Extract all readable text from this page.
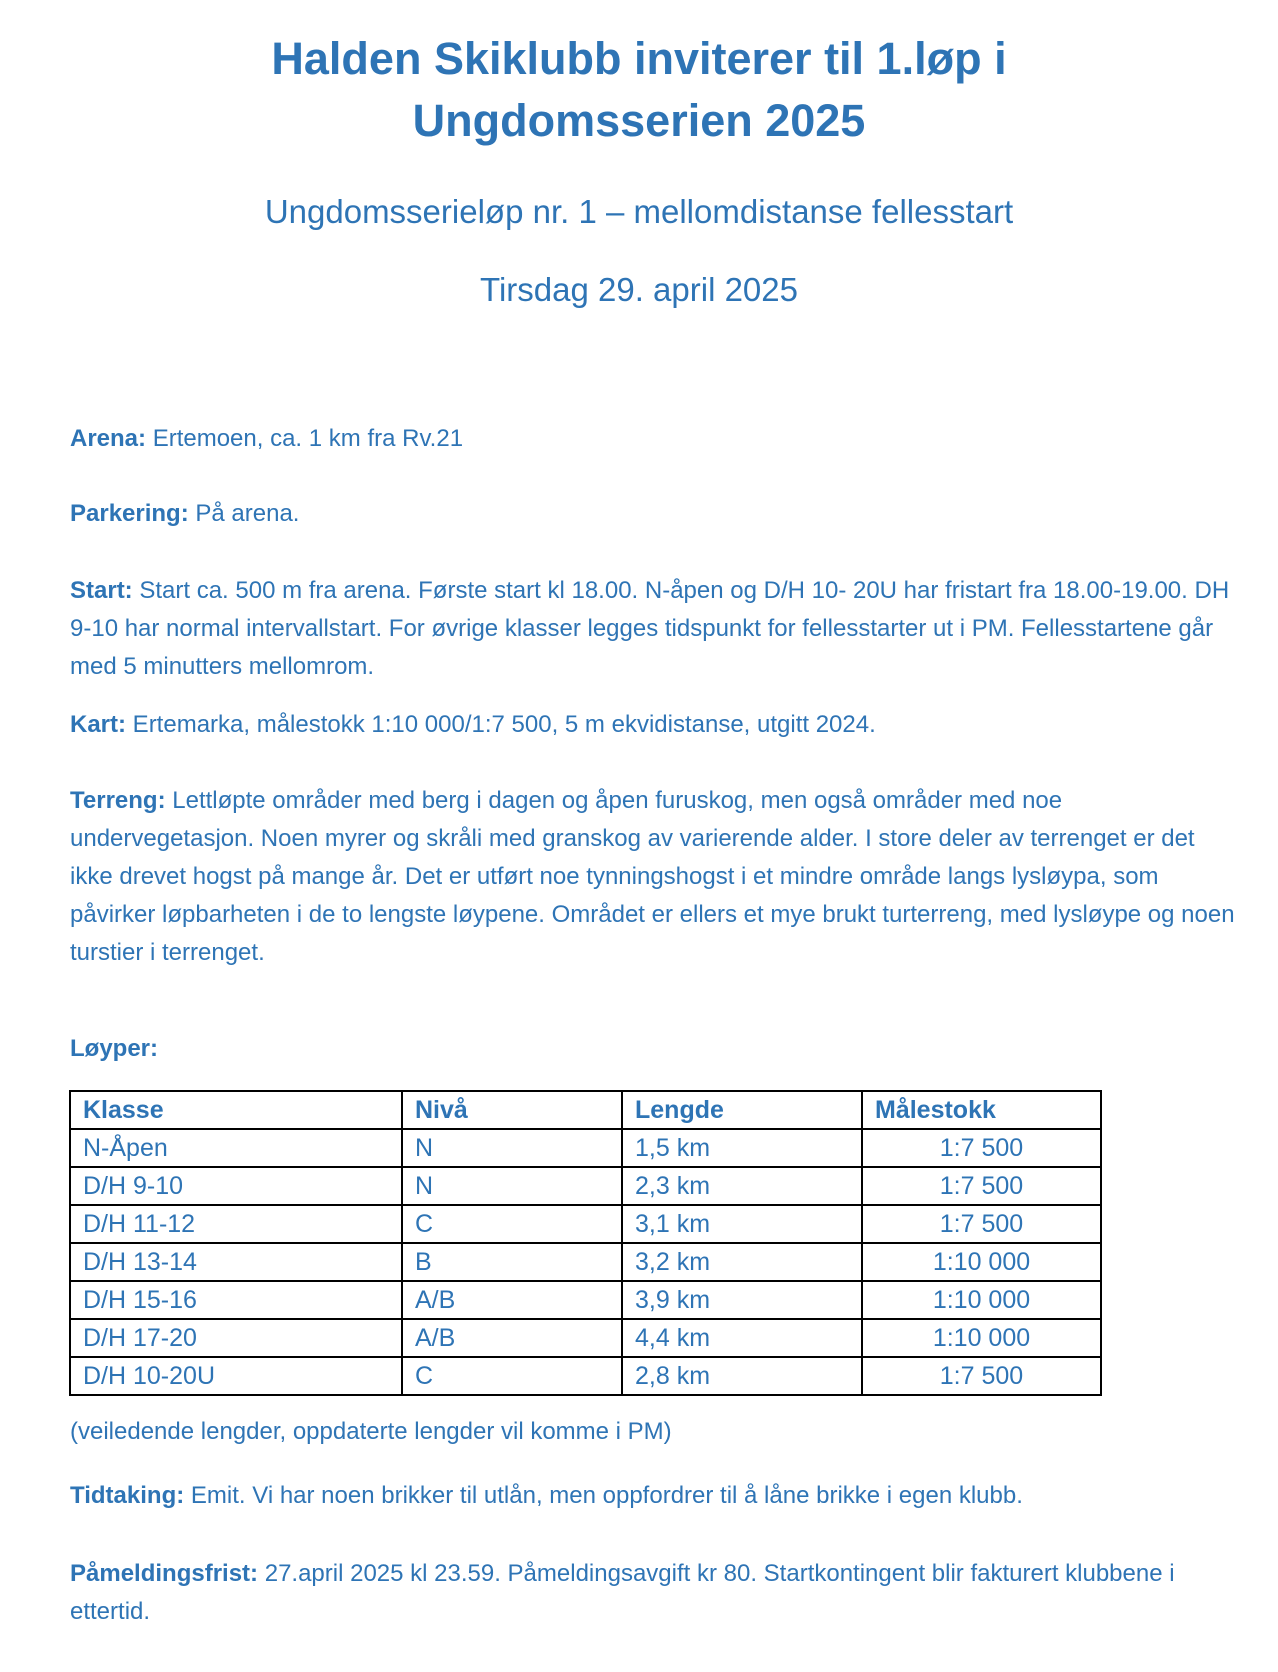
Halden Skiklubb inviterer til 1.løp i
Ungdomsserien 2025
Ungdomsserieløp nr. 1 – mellomdistanse fellesstart
Tirsdag 29. april 2025
Arena: Ertemoen, ca. 1 km fra Rv.21
Parkering: På arena.
Start: Start ca. 500 m fra arena. Første start kl 18.00. N-åpen og D/H 10- 20U har fristart fra 18.00-19.00. DH 9-10 har normal intervallstart. For øvrige klasser legges tidspunkt for fellesstarter ut i PM. Fellesstartene går med 5 minutters mellomrom.
Kart: Ertemarka, målestokk 1:10 000/1:7 500, 5 m ekvidistanse, utgitt 2024.
Terreng: Lettløpte områder med berg i dagen og åpen furuskog, men også områder med noe undervegetasjon. Noen myrer og skråli med granskog av varierende alder. I store deler av terrenget er det ikke drevet hogst på mange år. Det er utført noe tynningshogst i et mindre område langs lysløypa, som påvirker løpbarheten i de to lengste løypene. Området er ellers et mye brukt turterreng, med lysløype og noen turstier i terrenget.
Løyper:
Klasse	Nivå	Lengde	Målestokk
N-Åpen	N	1,5 km	1:7 500
D/H 9-10	N	2,3 km	1:7 500
D/H 11-12	C	3,1 km	1:7 500
D/H 13-14	B	3,2 km	1:10 000
D/H 15-16	A/B	3,9 km	1:10 000
D/H 17-20	A/B	4,4 km	1:10 000
D/H 10-20U	C	2,8 km	1:7 500
(veiledende lengder, oppdaterte lengder vil komme i PM)
Tidtaking: Emit. Vi har noen brikker til utlån, men oppfordrer til å låne brikke i egen klubb.
Påmeldingsfrist: 27.april 2025 kl 23.59. Påmeldingsavgift kr 80. Startkontingent blir fakturert klubbene i ettertid.
